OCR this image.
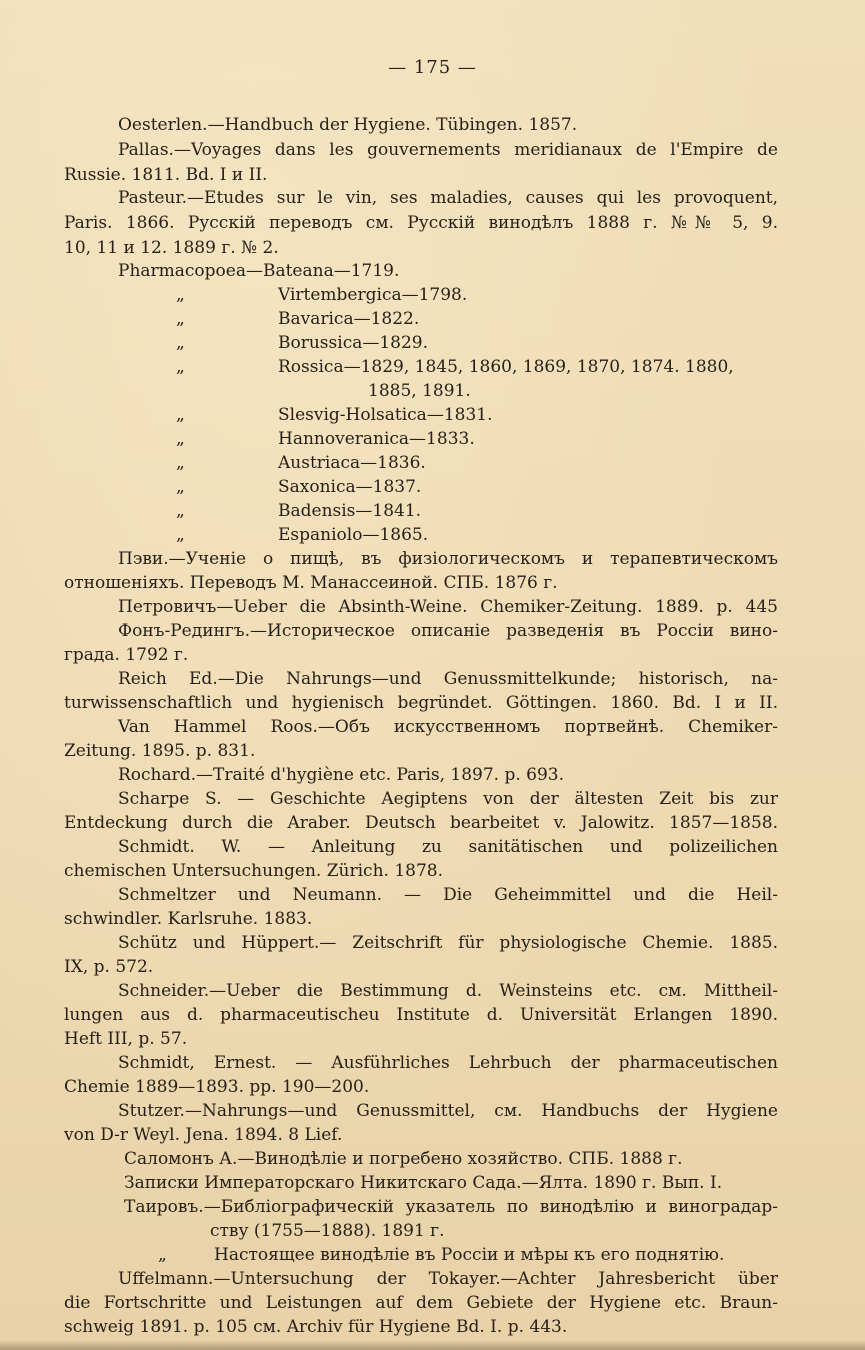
— 175 —
Oesterlen.—Handbuch der Hygiene. Tübingen. 1857.
Pallas.—Voyages dans les gouvernements meridianaux de l'Empire de
Russie. 1811. Bd. I и II.
Pasteur.—Etudes sur le vin, ses maladies, causes qui les provoquent,
Paris. 1866. Русскій переводъ см. Русскій винодѣлъ 1888 г. №№ 5, 9.
10, 11 и 12. 1889 г. № 2.
Pharmacopoea—Bateana—1719.
„	Virtembergica—1798.
„	Bavarica—1822.
„	Borussica—1829.
„	Rossica—1829, 1845, 1860, 1869, 1870, 1874. 1880,
1885, 1891.
„	Slesvig-Holsatica—1831.
„	Hannoveranica—1833.
„	Austriaca—1836.
„	Saxonica—1837.
„	Badensis—1841.
„	Espaniolo—1865.
Пэви.—Ученіе о пищѣ, въ физіологическомъ и терапевтическомъ
отношеніяхъ. Переводъ М. Манассеиной. СПБ. 1876 г.
Петровичъ—Ueber die Absinth-Weine. Chemiker-Zeitung. 1889. p. 445
Фонъ-Редингъ.—Историческое описаніе разведенія въ Россіи вино-
града. 1792 г.
Reich Ed.—Die Nahrungs—und Genussmittelkunde; historisch, na-
turwissenschaftlich und hygienisch begründet. Göttingen. 1860. Bd. I и II.
Van Hammel Roos.—Объ искусственномъ портвейнѣ. Chemiker-
Zeitung. 1895. p. 831.
Rochard.—Traité d'hygiène etc. Paris, 1897. p. 693.
Scharpe S. — Geschichte Aegiptens von der ältesten Zeit bis zur
Entdeckung durch die Araber. Deutsch bearbeitet v. Jalowitz. 1857—1858.
Schmidt. W. — Anleitung zu sanitätischen und polizeilichen
chemischen Untersuchungen. Zürich. 1878.
Schmeltzer und Neumann. — Die Geheimmittel und die Heil-
schwindler. Karlsruhe. 1883.
Schütz und Hüppert.— Zeitschrift für physiologische Chemie. 1885.
IX, p. 572.
Schneider.—Ueber die Bestimmung d. Weinsteins etc. см. Mittheil-
lungen aus d. pharmaceutischeu Institute d. Universität Erlangen 1890.
Heft III, p. 57.
Schmidt, Ernest. — Ausführliches Lehrbuch der pharmaceutischen
Chemie 1889—1893. pp. 190—200.
Stutzer.—Nahrungs—und Genussmittel, см. Handbuchs der Hygiene
von D-r Weyl. Jena. 1894. 8 Lief.
Саломонъ А.—Винодѣліе и погребено хозяйство. СПБ. 1888 г.
Записки Императорскаго Никитскаго Сада.—Ялта. 1890 г. Вып. I.
Таировъ.—Библіографическій указатель по винодѣлію и виноградар-
ству (1755—1888). 1891 г.
„	Настоящее винодѣліе въ Россіи и мѣры къ его поднятію.
Uffelmann.—Untersuchung der Tokayer.—Achter Jahresbericht über
die Fortschritte und Leistungen auf dem Gebiete der Hygiene etc. Braun-
schweig 1891. p. 105 см. Archiv für Hygiene Bd. I. p. 443.
